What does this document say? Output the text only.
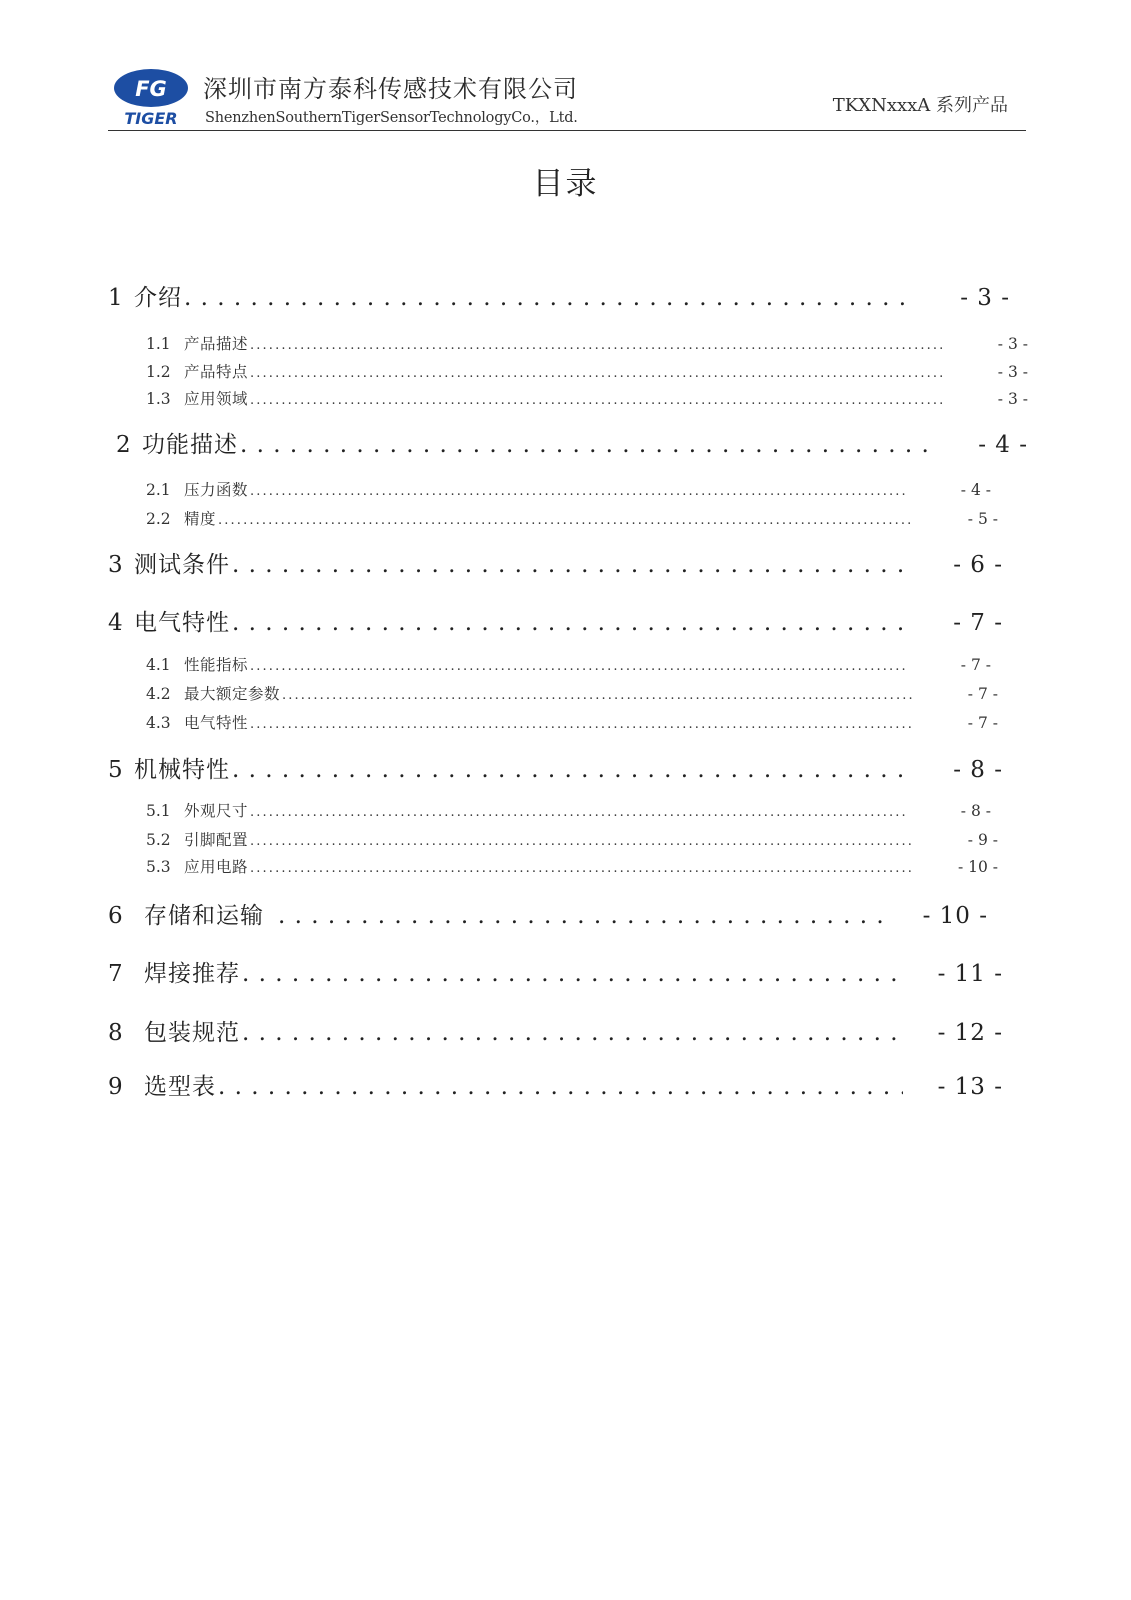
FG
TIGER
深圳市南方泰科传感技术有限公司
ShenzhenSouthernTigerSensorTechnologyCo.，Ltd.
TKXNxxxA 系列产品
目录
1 介绍 . . .	- 3 -
1.1 产品描述 . . .	- 3 -
1.2 产品特点 . . .	- 3 -
1.3 应用领域 . . .	- 3 -
2 功能描述 . . .	- 4 -
2.1 压力函数 . . .	- 4 -
2.2 精度 . . .	- 5 -
3 测试条件 . . .	- 6 -
4 电气特性 . . .	- 7 -
4.1 性能指标 . . .	- 7 -
4.2 最大额定参数 . . .	- 7 -
4.3 电气特性 . . .	- 7 -
5 机械特性 . . .	- 8 -
5.1 外观尺寸 . . .	- 8 -
5.2 引脚配置 . . .	- 9 -
5.3 应用电路 . . .	- 10 -
6 存储和运输 . . .	- 10 -
7 焊接推荐 . . .	- 11 -
8 包装规范 . . .	- 12 -
9 选型表 . . .	- 13 -
